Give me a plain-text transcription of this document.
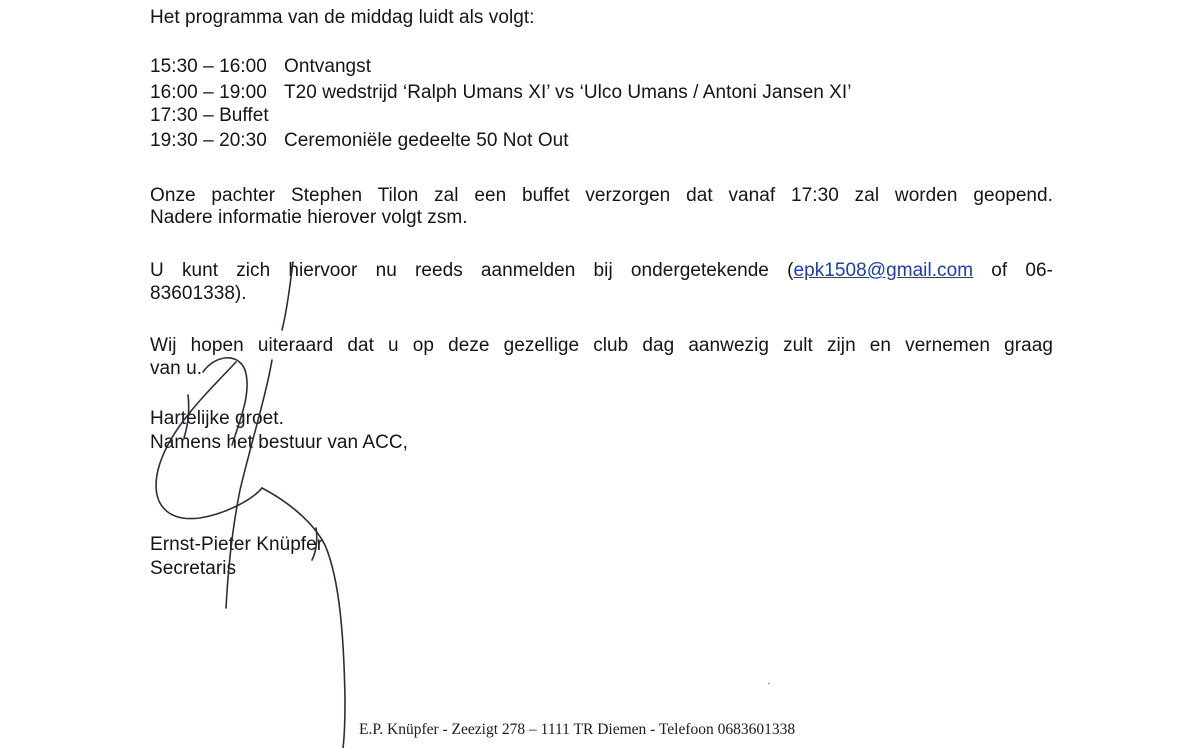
Het programma van de middag luidt als volgt:
15:30 – 16:00 Ontvangst
16:00 – 19:00 T20 wedstrijd ‘Ralph Umans XI’ vs ‘Ulco Umans / Antoni Jansen XI’
17:30 – Buffet
19:30 – 20:30 Ceremoniële gedeelte 50 Not Out
Onze pachter Stephen Tilon zal een buffet verzorgen dat vanaf 17:30 zal worden geopend.
Nadere informatie hierover volgt zsm.
U kunt zich hiervoor nu reeds aanmelden bij ondergetekende (epk1508@gmail.com of 06-
83601338).
Wij hopen uiteraard dat u op deze gezellige club dag aanwezig zult zijn en vernemen graag
van u.
Hartelijke groet.
Namens het bestuur van ACC,
Ernst-Pieter Knüpfer
Secretaris
E.P. Knüpfer - Zeezigt 278 – 1111 TR Diemen - Telefoon 0683601338
